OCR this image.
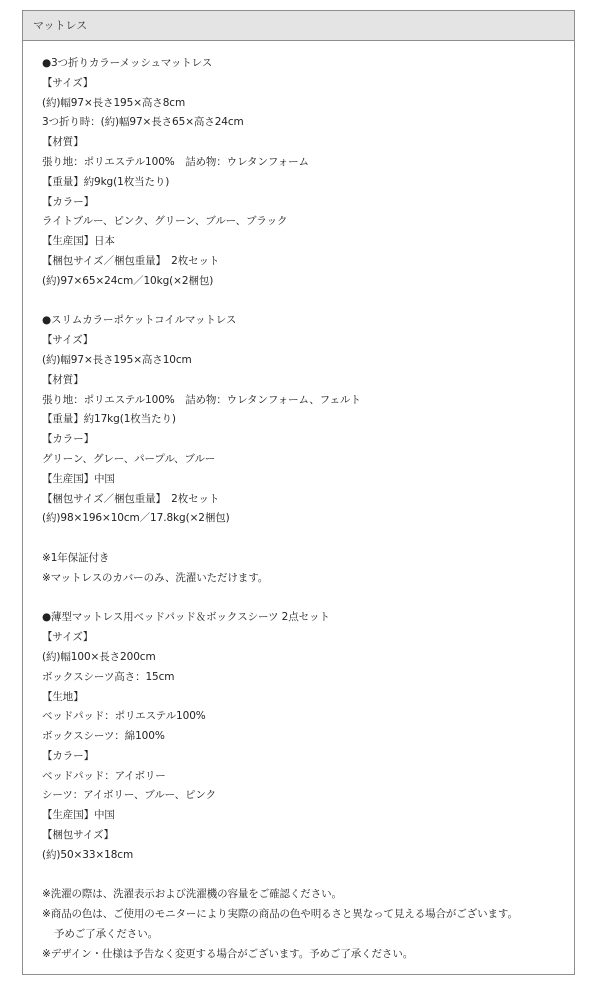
マットレス
●3つ折りカラーメッシュマットレス
【サイズ】
(約)幅97×長さ195×高さ8cm
3つ折り時：(約)幅97×長さ65×高さ24cm
【材質】
張り地：ポリエステル100%　詰め物：ウレタンフォーム
【重量】約9kg(1枚当たり)
【カラー】
ライトブルー、ピンク、グリーン、ブルー、ブラック
【生産国】日本
【梱包サイズ／梱包重量】　2枚セット
(約)97×65×24cm／10kg(×2梱包)
●スリムカラーポケットコイルマットレス
【サイズ】
(約)幅97×長さ195×高さ10cm
【材質】
張り地：ポリエステル100%　詰め物：ウレタンフォーム、フェルト
【重量】約17kg(1枚当たり)
【カラー】
グリーン、グレー、パープル、ブルー
【生産国】中国
【梱包サイズ／梱包重量】　2枚セット
(約)98×196×10cm／17.8kg(×2梱包)
※1年保証付き
※マットレスのカバーのみ、洗濯いただけます。
●薄型マットレス用ベッドパッド＆ボックスシーツ 2点セット
【サイズ】
(約)幅100×長さ200cm
ボックスシーツ高さ：15cm
【生地】
ベッドパッド：ポリエステル100%
ボックスシーツ：綿100%
【カラー】
ベッドパッド：アイボリー
シーツ：アイボリー、ブルー、ピンク
【生産国】中国
【梱包サイズ】
(約)50×33×18cm
※洗濯の際は、洗濯表示および洗濯機の容量をご確認ください。
※商品の色は、ご使用のモニターにより実際の商品の色や明るさと異なって見える場合がございます。
予めご了承ください。
※デザイン・仕様は予告なく変更する場合がございます。予めご了承ください。
